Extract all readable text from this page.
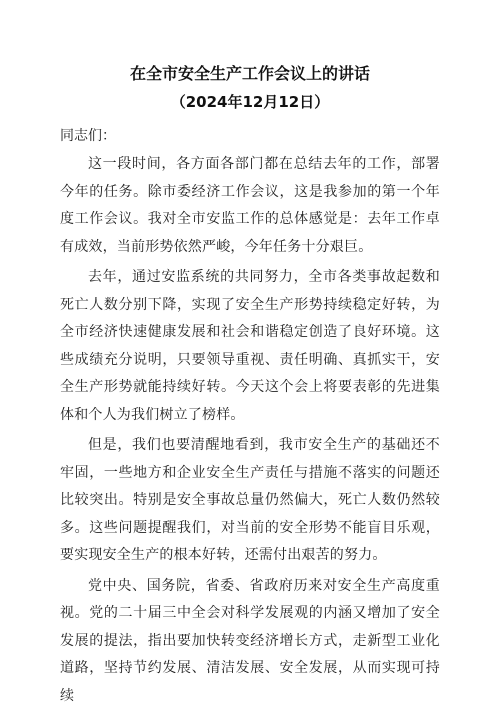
在全市安全生产工作会议上的讲话
（2024年12月12日）
同志们：

这一段时间，各方面各部门都在总结去年的工作，部署今年的任务。除市委经济工作会议，这是我参加的第一个年度工作会议。我对全市安监工作的总体感觉是：去年工作卓有成效，当前形势依然严峻，今年任务十分艰巨。

去年，通过安监系统的共同努力，全市各类事故起数和死亡人数分别下降，实现了安全生产形势持续稳定好转，为全市经济快速健康发展和社会和谐稳定创造了良好环境。这些成绩充分说明，只要领导重视、责任明确、真抓实干，安全生产形势就能持续好转。今天这个会上将要表彰的先进集体和个人为我们树立了榜样。

但是，我们也要清醒地看到，我市安全生产的基础还不牢固，一些地方和企业安全生产责任与措施不落实的问题还比较突出。特别是安全事故总量仍然偏大，死亡人数仍然较多。这些问题提醒我们，对当前的安全形势不能盲目乐观，要实现安全生产的根本好转，还需付出艰苦的努力。

党中央、国务院，省委、省政府历来对安全生产高度重视。党的二十届三中全会对科学发展观的内涵又增加了安全发展的提法，指出要加快转变经济增长方式，走新型工业化道路，坚持节约发展、清洁发展、安全发展，从而实现可持续
